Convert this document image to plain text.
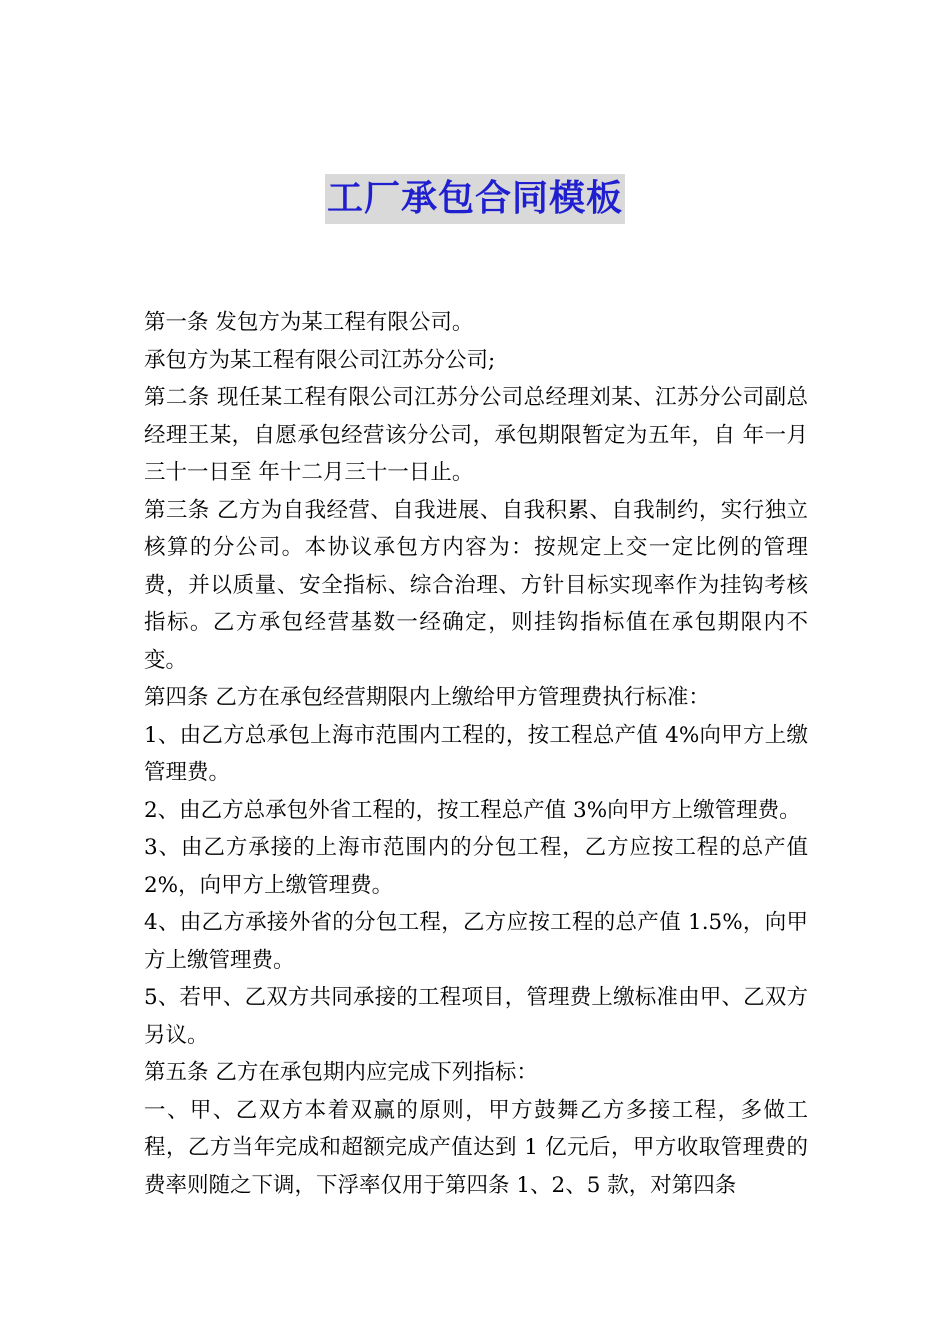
工厂承包合同模板

第一条 发包方为某工程有限公司。

承包方为某工程有限公司江苏分公司;

第二条 现任某工程有限公司江苏分公司总经理刘某、江苏分公司副总经理王某，自愿承包经营该分公司，承包期限暂定为五年，自 年一月三十一日至 年十二月三十一日止。

第三条 乙方为自我经营、自我进展、自我积累、自我制约，实行独立核算的分公司。本协议承包方内容为：按规定上交一定比例的管理费，并以质量、安全指标、综合治理、方针目标实现率作为挂钩考核指标。乙方承包经营基数一经确定，则挂钩指标值在承包期限内不变。

第四条 乙方在承包经营期限内上缴给甲方管理费执行标准：

1、由乙方总承包上海市范围内工程的，按工程总产值 4%向甲方上缴管理费。

2、由乙方总承包外省工程的，按工程总产值 3%向甲方上缴管理费。

3、由乙方承接的上海市范围内的分包工程，乙方应按工程的总产值 2%，向甲方上缴管理费。

4、由乙方承接外省的分包工程，乙方应按工程的总产值 1.5%，向甲方上缴管理费。

5、若甲、乙双方共同承接的工程项目，管理费上缴标准由甲、乙双方另议。

第五条 乙方在承包期内应完成下列指标：

一、甲、乙双方本着双赢的原则，甲方鼓舞乙方多接工程，多做工程，乙方当年完成和超额完成产值达到 1 亿元后，甲方收取管理费的费率则随之下调，下浮率仅用于第四条 1、2、5 款，对第四条
